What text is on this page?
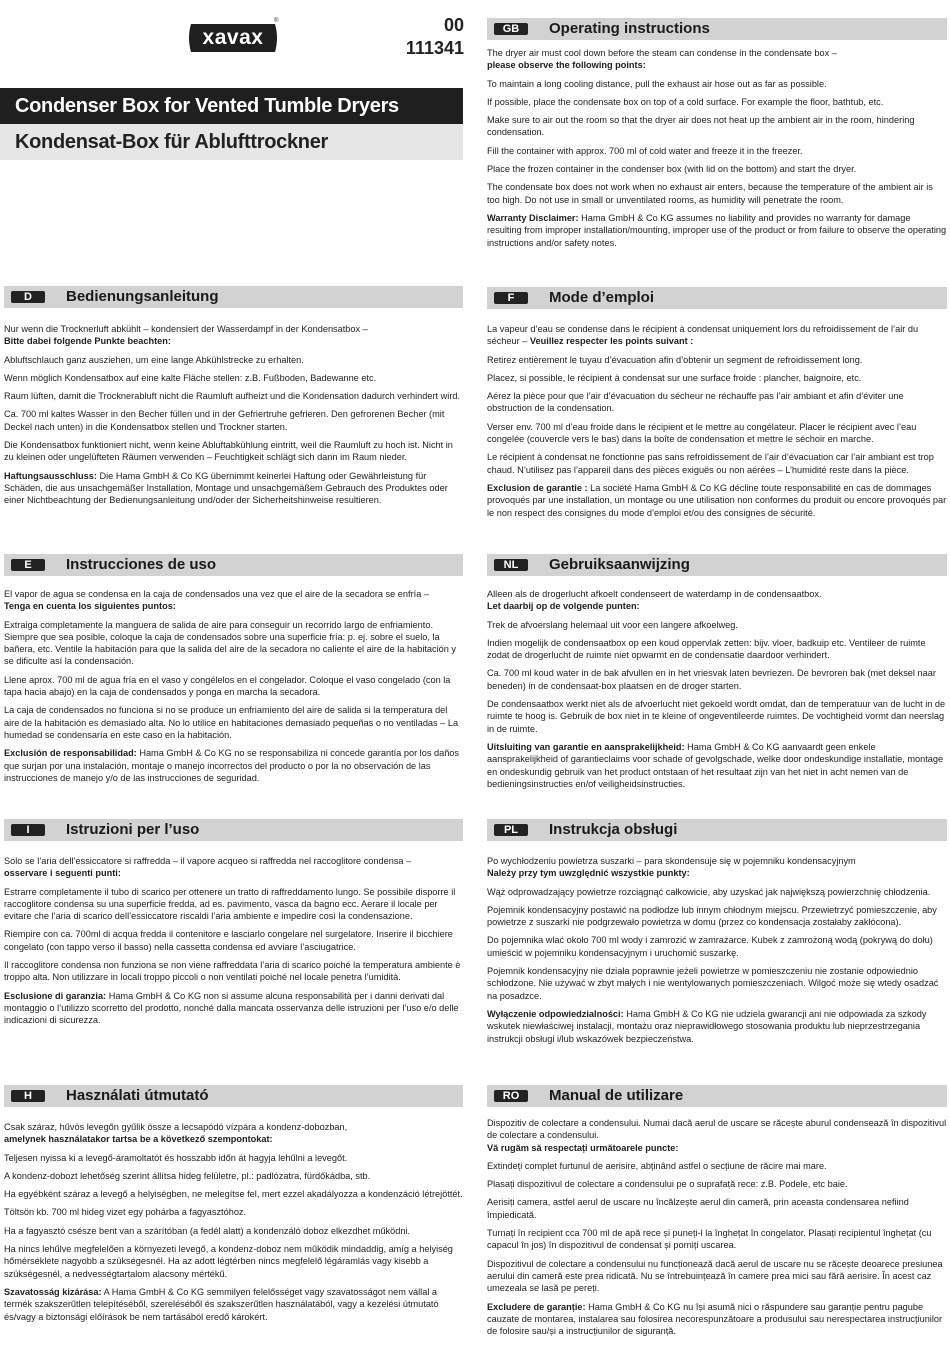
xavax
®	00
111341
Condenser Box for Vented Tumble Dryers
Kondensat-Box für Ablufttrockner
GB	Operating instructions

The dryer air must cool down before the steam can condense in the condensate box –
please observe the following points:

To maintain a long cooling distance, pull the exhaust air hose out as far as possible.

If possible, place the condensate box on top of a cold surface. For example the floor, bathtub, etc.

Make sure to air out the room so that the dryer air does not heat up the ambient air in the room, hindering condensation.

Fill the container with approx. 700 ml of cold water and freeze it in the freezer.

Place the frozen container in the condenser box (with lid on the bottom) and start the dryer.

The condensate box does not work when no exhaust air enters, because the temperature of the ambient air is too high. Do not use in small or unventilated rooms, as humidity will penetrate the room.

Warranty Disclaimer: Hama GmbH & Co KG assumes no liability and provides no warranty for damage resulting from improper installation/mounting, improper use of the product or from failure to observe the operating instructions and/or safety notes.

D	Bedienungsanleitung

Nur wenn die Trocknerluft abkühlt – kondensiert der Wasserdampf in der Kondensatbox –
Bitte dabei folgende Punkte beachten:

Abluftschlauch ganz ausziehen, um eine lange Abkühlstrecke zu erhalten.

Wenn möglich Kondensatbox auf eine kalte Fläche stellen: z.B. Fußboden, Badewanne etc.

Raum lüften, damit die Trocknerabluft nicht die Raumluft aufheizt und die Kondensation dadurch verhindert wird.

Ca. 700 ml kaltes Wasser in den Becher füllen und in der Gefriertruhe gefrieren. Den gefrorenen Becher (mit Deckel nach unten) in die Kondensatbox stellen und Trockner starten.

Die Kondensatbox funktioniert nicht, wenn keine Abluftabkühlung eintritt, weil die Raumluft zu hoch ist. Nicht in zu kleinen oder ungelüfteten Räumen verwenden – Feuchtigkeit schlägt sich dann im Raum nieder.

Haftungsausschluss: Die Hama GmbH & Co KG übernimmt keinerlei Haftung oder Gewährleistung für Schäden, die aus unsachgemäßer Installation, Montage und unsachgemäßem Gebrauch des Produktes oder einer Nichtbeachtung der Bedienungsanleitung und/oder der Sicherheitshinweise resultieren.

F	Mode d’emploi

La vapeur d’eau se condense dans le récipient à condensat uniquement lors du refroidissement de l’air du sécheur – Veuillez respecter les points suivant :

Retirez entièrement le tuyau d’évacuation afin d’obtenir un segment de refroidissement long.

Placez, si possible, le récipient à condensat sur une surface froide : plancher, baignoire, etc.

Aérez la pièce pour que l’air d’évacuation du sécheur ne réchauffe pas l’air ambiant et afin d’éviter une obstruction de la condensation.

Verser env. 700 ml d’eau froide dans le récipient et le mettre au congélateur. Placer le récipient avec l’eau congelée (couvercle vers le bas) dans la boîte de condensation et mettre le séchoir en marche.

Le récipient à condensat ne fonctionne pas sans refroidissement de l’air d’évacuation car l’air ambiant est trop chaud. N’utilisez pas l’appareil dans des pièces exiguës ou non aérées – L’humidité reste dans la pièce.

Exclusion de garantie : La société Hama GmbH & Co KG décline toute responsabilité en cas de dommages provoqués par une installation, un montage ou une utilisation non conformes du produit ou encore provoqués par le non respect des consignes du mode d’emploi et/ou des consignes de sécurité.

E	Instrucciones de uso

El vapor de agua se condensa en la caja de condensados una vez que el aire de la secadora se enfría –
Tenga en cuenta los siguientes puntos:

Extraiga completamente la manguera de salida de aire para conseguir un recorrido largo de enfriamiento. Siempre que sea posible, coloque la caja de condensados sobre una superficie fría: p. ej. sobre el suelo, la bañera, etc. Ventile la habitación para que la salida del aire de la secadora no caliente el aire de la habitación y se dificulte así la condensación.

Llene aprox. 700 ml de agua fría en el vaso y congélelos en el congelador. Coloque el vaso congelado (con la tapa hacia abajo) en la caja de condensados y ponga en marcha la secadora.

La caja de condensados no funciona si no se produce un enfriamiento del aire de salida si la temperatura del aire de la habitación es demasiado alta. No lo utilice en habitaciones demasiado pequeñas o no ventiladas – La humedad se condensaría en este caso en la habitación.

Exclusión de responsabilidad: Hama GmbH & Co KG no se responsabiliza ni concede garantía por los daños que surjan por una instalación, montaje o manejo incorrectos del producto o por la no observación de las instrucciones de manejo y/o de las instrucciones de seguridad.

NL	Gebruiksaanwijzing

Alleen als de drogerlucht afkoelt condenseert de waterdamp in de condensaatbox.
Let daarbij op de volgende punten:

Trek de afvoerslang helemaal uit voor een langere afkoelweg.

Indien mogelijk de condensaatbox op een koud oppervlak zetten: bijv. vloer, badkuip etc. Ventileer de ruimte zodat de drogerlucht de ruimte niet opwarmt en de condensatie daardoor verhindert.

Ca. 700 ml koud water in de bak afvullen en in het vriesvak laten bevriezen. De bevroren bak (met deksel naar beneden) in de condensaat-box plaatsen en de droger starten.

De condensaatbox werkt niet als de afvoerlucht niet gekoeld wordt omdat, dan de temperatuur van de lucht in de ruimte te hoog is. Gebruik de box niet in te kleine of ongeventileerde ruimtes. De vochtigheid vormt dan neerslag in de ruimte.

Uitsluiting van garantie en aansprakelijkheid: Hama GmbH & Co KG aanvaardt geen enkele aansprakelijkheid of garantieclaims voor schade of gevolgschade, welke door ondeskundige installatie, montage en ondeskundig gebruik van het product ontstaan of het resultaat zijn van het niet in acht nemen van de bedieningsinstructies en/of veiligheidsinstructies.

I	Istruzioni per l’uso

Solo se l’aria dell’essiccatore si raffredda – il vapore acqueo si raffredda nel raccoglitore condensa –
osservare i seguenti punti:

Estrarre completamente il tubo di scarico per ottenere un tratto di raffreddamento lungo. Se possibile disporre il raccoglitore condensa su una superficie fredda, ad es. pavimento, vasca da bagno ecc. Aerare il locale per evitare che l’aria di scarico dell’essiccatore riscaldi l’aria ambiente e impedire così la condensazione.

Riempire con ca. 700ml di acqua fredda il contenitore e lasciarlo congelare nel surgelatore. Inserire il bicchiere congelato (con tappo verso il basso) nella cassetta condensa ed avviare l’asciugatrice.

Il raccoglitore condensa non funziona se non viene raffreddata l’aria di scarico poiché la temperatura ambiente è troppo alta. Non utilizzare in locali troppo piccoli o non ventilati poiché nel locale penetra l’umidità.

Esclusione di garanzia: Hama GmbH & Co KG non si assume alcuna responsabilità per i danni derivati dal montaggio o l’utilizzo scorretto del prodotto, nonché dalla mancata osservanza delle istruzioni per l’uso e/o delle indicazioni di sicurezza.

PL	Instrukcja obsługi

Po wychłodzeniu powietrza suszarki – para skondensuje się w pojemniku kondensacyjnym
Należy przy tym uwzględnić wszystkie punkty:

Wąż odprowadzający powietrze rozciągnąć całkowicie, aby uzyskać jak największą powierzchnię chłodzenia.

Pojemnik kondensacyjny postawić na podłodze lub innym chłodnym miejscu. Przewietrzyć pomieszczenie, aby powietrze z suszarki nie podgrzewało powietrza w domu (przez co kondensacja zostałaby zakłócona).

Do pojemnika wlać około 700 ml wody i zamrozić w zamrażarce. Kubek z zamrożoną wodą (pokrywą do dołu) umieścić w pojemniku kondensacyjnym i uruchomić suszarkę.

Pojemnik kondensacyjny nie działa poprawnie jeżeli powietrze w pomieszczeniu nie zostanie odpowiednio schłodzone. Nie używać w zbyt małych i nie wentylowanych pomieszczeniach. Wilgoć może się wtedy osadzać na posadzce.

Wyłączenie odpowiedzialności: Hama GmbH & Co KG nie udziela gwarancji ani nie odpowiada za szkody wskutek niewłaściwej instalacji, montażu oraz nieprawidłowego stosowania produktu lub nieprzestrzegania instrukcji obsługi i/lub wskazówek bezpieczeństwa.

H	Használati útmutató

Csak száraz, hűvös levegőn gyűlik össze a lecsapódó vízpára a kondenz-dobozban,
amelynek használatakor tartsa be a következő szempontokat:

Teljesen nyissa ki a levegő-áramoltatót és hosszabb időn át hagyja lehűlni a levegőt.

A kondenz-dobozt lehetőség szerint állítsa hideg felületre, pl.: padlózatra, fürdőkádba, stb.

Ha egyébként száraz a levegő a helyiségben, ne melegítse fel, mert ezzel akadályozza a kondenzáció létrejöttét.

Töltsön kb. 700 ml hideg vizet egy pohárba a fagyasztóhoz.

Ha a fagyasztó csésze bent van a szárítóban (a fedél alatt) a kondenzáló doboz elkezdhet működni.

Ha nincs lehűlve megfelelően a környezeti levegő, a kondenz-doboz nem működik mindaddig, amíg a helyiség hőmérséklete nagyobb a szükségesnél. Ha az adott légtérben nincs megfelelő légáramlás vagy kisebb a szükségesnél, a nedvességtartalom alacsony mértékű.

Szavatosság kizárása: A Hama GmbH & Co KG semmilyen felelősséget vagy szavatosságot nem vállal a termék szakszerűtlen telepítéséből, szereléséből és szakszerűtlen használatából, vagy a kezelési útmutató és/vagy a biztonsági előírások be nem tartásából eredő károkért.

RO	Manual de utilizare

Dispozitiv de colectare a condensului. Numai dacă aerul de uscare se răcește aburul condensează în dispozitivul de colectare a condensului.
Vă rugăm să respectați următoarele puncte:

Extindeți complet furtunul de aerisire, abținând astfel o secțiune de răcire mai mare.

Plasați dispozitivul de colectare a condensului pe o suprafață rece: z.B. Podele, etc baie.

Aerisiți camera, astfel aerul de uscare nu încălzește aerul din cameră, prin aceasta condensarea nefiind împiedicată.

Turnați în recipient cca 700 ml de apă rece și puneți-l la înghețat în congelator. Plasați recipientul înghețat (cu capacul în jos) în dispozitivul de condensat și porniți uscarea.

Dispozitivul de colectare a condensului nu funcționează dacă aerul de uscare nu se răcește deoarece presiunea aerului din cameră este prea ridicată. Nu se întrebuințează în camere prea mici sau fără aerisire. În acest caz umezeala se lasă pe pereți.

Excludere de garanție: Hama GmbH & Co KG nu își asumă nici o răspundere sau garanție pentru pagube cauzate de montarea, instalarea sau folosirea necorespunzătoare a produsului sau nerespectarea instrucțiunilor de folosire sau/și a instrucțiunilor de siguranță.
